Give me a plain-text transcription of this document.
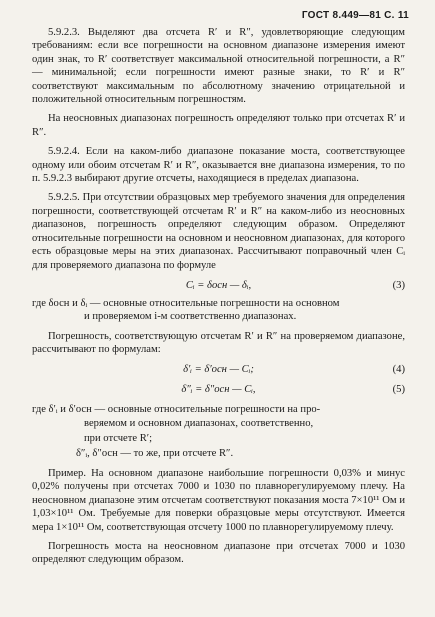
ГОСТ 8.449—81 С. 11

5.9.2.3. Выделяют два отсчета R′ и R″, удовлетворяющие следующим требованиям: если все погрешности на основном диапазоне измерения имеют один знак, то R′ соответствует максимальной относительной погрешности, а R″ — минимальной; если погрешности имеют разные знаки, то R′ и R″ соответствуют максимальным по абсолютному значению отрицательной и положительной относительным погрешностям.

На неосновных диапазонах погрешность определяют только при отсчетах R′ и R″.

5.9.2.4. Если на каком-либо диапазоне показание моста, соответствующее одному или обоим отсчетам R′ и R″, оказывается вне диапазона измерения, то по п. 5.9.2.3 выбирают другие отсчеты, находящиеся в пределах диапазона.

5.9.2.5. При отсутствии образцовых мер требуемого значения для определения погрешности, соответствующей отсчетам R′ и R″ на каком-либо из неосновных диапазонов, погрешность определяют следующим образом. Определяют относительные погрешности на основном и неосновном диапазонах, для которого есть образцовые меры на этих диапазонах. Рассчитывают поправочный член Cᵢ для проверяемого диапазона по формуле

Cᵢ = δосн — δᵢ,	(3)
где δосн и δᵢ — основные относительные погрешности на основном
и проверяемом i-м соответственно диапазонах.

Погрешность, соответствующую отсчетам R′ и R″ на проверяемом диапазоне, рассчитывают по формулам:

δ′ᵢ = δ′осн — Cᵢ;	(4)
δ″ᵢ = δ″осн — Cᵢ,	(5)
где δ′ᵢ и δ′осн — основные относительные погрешности на про-
веряемом и основном диапазонах, соответственно,
при отсчете R′;
δ″ᵢ, δ″осн — то же, при отсчете R″.

Пример. На основном диапазоне наибольшие погрешности 0,03% и минус 0,02% получены при отсчетах 7000 и 1030 по плавнорегулируемому плечу. На неосновном диапазоне этим отсчетам соответствуют показания моста 7×10¹¹ Ом и 1,03×10¹¹ Ом. Требуемые для поверки образцовые меры отсутствуют. Имеется мера 1×10¹¹ Ом, соответствующая отсчету 1000 по плавнорегулируемому плечу.

Погрешность моста на неосновном диапазоне при отсчетах 7000 и 1030 определяют следующим образом.
